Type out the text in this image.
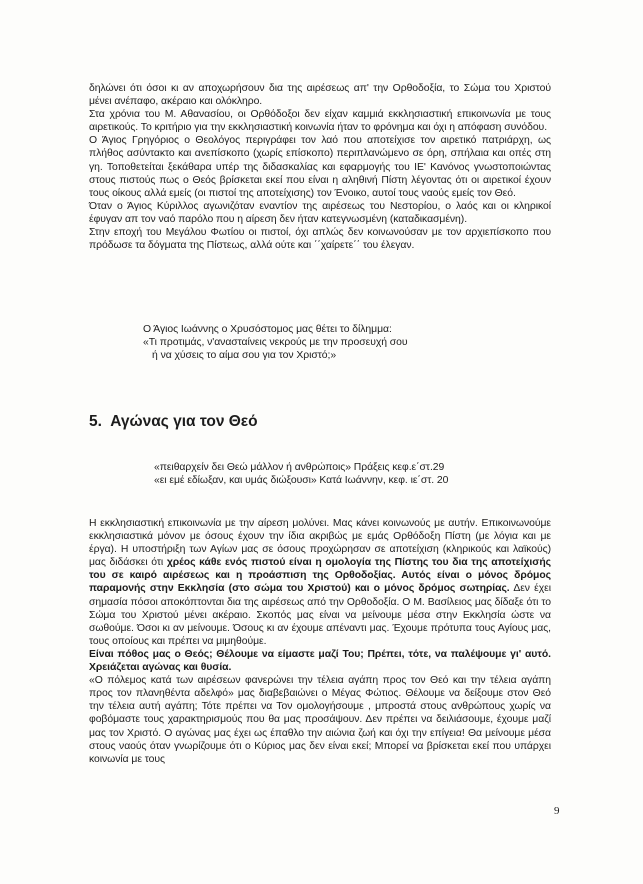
δηλώνει ότι όσοι κι αν αποχωρήσουν δια της αιρέσεως απ' την Ορθοδοξία, το Σώμα του Χριστού μένει ανέπαφο, ακέραιο και ολόκληρο.

Στα χρόνια του Μ. Αθανασίου, οι Ορθόδοξοι δεν είχαν καμμιά εκκλησιαστική επικοινωνία με τους αιρετικούς. Το κριτήριο για την εκκλησιαστική κοινωνία ήταν το φρόνημα και όχι η απόφαση συνόδου.

Ο Άγιος Γρηγόριος ο Θεολόγος περιγράφει τον λαό που αποτείχισε τον αιρετικό πατριάρχη, ως πλήθος ασύντακτο και ανεπίσκοπο (χωρίς επίσκοπο) περιπλανώμενο σε όρη, σπήλαια και οπές στη γη. Τοποθετείται ξεκάθαρα υπέρ της διδασκαλίας και εφαρμογής του ΙΕ' Κανόνος γνωστοποιώντας στους πιστούς πως ο Θεός βρίσκεται εκεί που είναι η αληθινή Πίστη λέγοντας ότι οι αιρετικοί έχουν τους οίκους αλλά εμείς (οι πιστοί της αποτείχισης) τον Ένοικο, αυτοί τους ναούς εμείς τον Θεό.

Όταν ο Άγιος Κύριλλος αγωνιζόταν εναντίον της αιρέσεως του Νεστορίου, ο λαός και οι κληρικοί έφυγαν απ τον ναό παρόλο που η αίρεση δεν ήταν κατεγνωσμένη (καταδικασμένη).

Στην εποχή του Μεγάλου Φωτίου οι πιστοί, όχι απλώς δεν κοινωνούσαν με τον αρχιεπίσκοπο που πρόδωσε τα δόγματα της Πίστεως, αλλά ούτε και ΄΄χαίρετε΄΄ του έλεγαν.

Ο Άγιος Ιωάννης ο Χρυσόστομος μας θέτει το δίλημμα:

«Τι προτιμάς, ν'ανασταίνεις νεκρούς με την προσευχή σου

ή να χύσεις το αίμα σου για τον Χριστό;»

5. Αγώνας για τον Θεό

«πειθαρχείν δει Θεώ μάλλον ή ανθρώποις» Πράξεις κεφ.ε΄στ.29

«ει εμέ εδίωξαν, και υμάς διώξουσι» Κατά Ιωάννην, κεφ. ιε΄στ. 20

Η εκκλησιαστική επικοινωνία με την αίρεση μολύνει. Μας κάνει κοινωνούς με αυτήν. Επικοινωνούμε εκκλησιαστικά μόνον με όσους έχουν την ίδια ακριβώς με εμάς Ορθόδοξη Πίστη (με λόγια και με έργα). Η υποστήριξη των Αγίων μας σε όσους προχώρησαν σε αποτείχιση (κληρικούς και λαϊκούς) μας διδάσκει ότι χρέος κάθε ενός πιστού είναι η ομολογία της Πίστης του δια της αποτείχισής του σε καιρό αιρέσεως και η προάσπιση της Ορθοδοξίας. Αυτός είναι ο μόνος δρόμος παραμονής στην Εκκλησία (στο σώμα του Χριστού) και ο μόνος δρόμος σωτηρίας. Δεν έχει σημασία πόσοι αποκόπτονται δια της αιρέσεως από την Ορθοδοξία. Ο Μ. Βασίλειος μας δίδαξε ότι το Σώμα του Χριστού μένει ακέραιο. Σκοπός μας είναι να μείνουμε μέσα στην Εκκλησία ώστε να σωθούμε. Όσοι κι αν μείνουμε. Όσους κι αν έχουμε απέναντι μας. Έχουμε πρότυπα τους Αγίους μας, τους οποίους και πρέπει να μιμηθούμε.

Είναι πόθος μας ο Θεός; Θέλουμε να είμαστε μαζί Του; Πρέπει, τότε, να παλέψουμε γι' αυτό. Χρειάζεται αγώνας και θυσία.

«Ο πόλεμος κατά των αιρέσεων φανερώνει την τέλεια αγάπη προς τον Θεό και την τέλεια αγάπη προς τον πλανηθέντα αδελφό» μας διαβεβαιώνει ο Μέγας Φώτιος. Θέλουμε να δείξουμε στον Θεό την τέλεια αυτή αγάπη; Τότε πρέπει να Τον ομολογήσουμε , μπροστά στους ανθρώπους χωρίς να φοβόμαστε τους χαρακτηρισμούς που θα μας προσάψουν. Δεν πρέπει να δειλιάσουμε, έχουμε μαζί μας τον Χριστό. Ο αγώνας μας έχει ως έπαθλο την αιώνια ζωή και όχι την επίγεια! Θα μείνουμε μέσα στους ναούς όταν γνωρίζουμε ότι ο Κύριος μας δεν είναι εκεί; Μπορεί να βρίσκεται εκεί που υπάρχει κοινωνία με τους

9
